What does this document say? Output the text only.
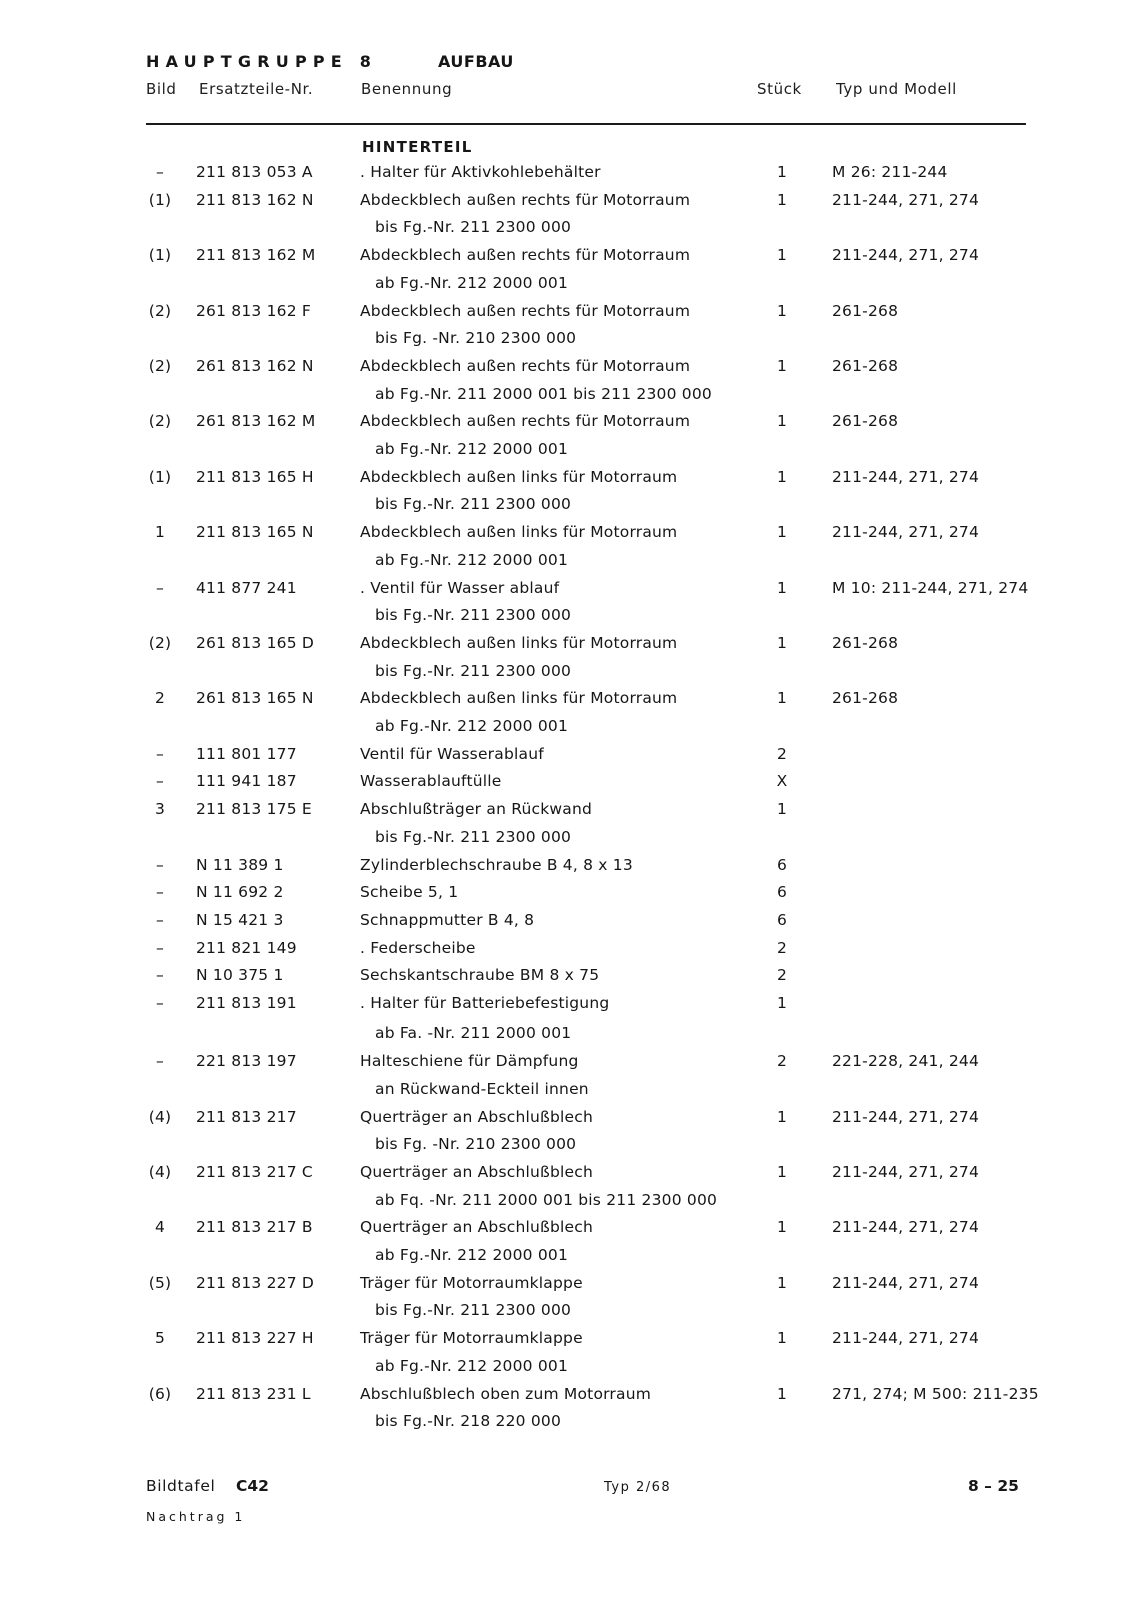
HAUPTGRUPPE 8	AUFBAU
Bild Ersatzteile-Nr.	Benennung	Stück Typ und Modell
HINTERTEIL
–	211 813 053 A	. Halter für Aktivkohlebehälter	1	M 26: 211-244
(1)	211 813 162 N	Abdeckblech außen rechts für Motorraum	1	211-244, 271, 274
bis Fg.-Nr. 211 2300 000
(1)	211 813 162 M	Abdeckblech außen rechts für Motorraum	1	211-244, 271, 274
ab Fg.-Nr. 212 2000 001
(2)	261 813 162 F	Abdeckblech außen rechts für Motorraum	1	261-268
bis Fg. -Nr. 210 2300 000
(2)	261 813 162 N	Abdeckblech außen rechts für Motorraum	1	261-268
ab Fg.-Nr. 211 2000 001 bis 211 2300 000
(2)	261 813 162 M	Abdeckblech außen rechts für Motorraum	1	261-268
ab Fg.-Nr. 212 2000 001
(1)	211 813 165 H	Abdeckblech außen links für Motorraum	1	211-244, 271, 274
bis Fg.-Nr. 211 2300 000
1	211 813 165 N	Abdeckblech außen links für Motorraum	1	211-244, 271, 274
ab Fg.-Nr. 212 2000 001
–	411 877 241	. Ventil für Wasser ablauf	1	M 10: 211-244, 271, 274
bis Fg.-Nr. 211 2300 000
(2)	261 813 165 D	Abdeckblech außen links für Motorraum	1	261-268
bis Fg.-Nr. 211 2300 000
2	261 813 165 N	Abdeckblech außen links für Motorraum	1	261-268
ab Fg.-Nr. 212 2000 001
–	111 801 177	Ventil für Wasserablauf	2
–	111 941 187	Wasserablauftülle	X
3	211 813 175 E	Abschlußträger an Rückwand	1
bis Fg.-Nr. 211 2300 000
–	N 11 389 1	Zylinderblechschraube B 4, 8 x 13	6
–	N 11 692 2	Scheibe 5, 1	6
–	N 15 421 3	Schnappmutter B 4, 8	6
–	211 821 149	. Federscheibe	2
–	N 10 375 1	Sechskantschraube BM 8 x 75	2
–	211 813 191	. Halter für Batteriebefestigung	1
ab Fa. -Nr. 211 2000 001
–	221 813 197	Halteschiene für Dämpfung	2	221-228, 241, 244
an Rückwand-Eckteil innen
(4)	211 813 217	Querträger an Abschlußblech	1	211-244, 271, 274
bis Fg. -Nr. 210 2300 000
(4)	211 813 217 C	Querträger an Abschlußblech	1	211-244, 271, 274
ab Fq. -Nr. 211 2000 001 bis 211 2300 000
4	211 813 217 B	Querträger an Abschlußblech	1	211-244, 271, 274
ab Fg.-Nr. 212 2000 001
(5)	211 813 227 D	Träger für Motorraumklappe	1	211-244, 271, 274
bis Fg.-Nr. 211 2300 000
5	211 813 227 H	Träger für Motorraumklappe	1	211-244, 271, 274
ab Fg.-Nr. 212 2000 001
(6)	211 813 231 L	Abschlußblech oben zum Motorraum	1	271, 274; M 500: 211-235
bis Fg.-Nr. 218 220 000
Bildtafel C42	Typ 2/68	8 – 25
Nachtrag 1
